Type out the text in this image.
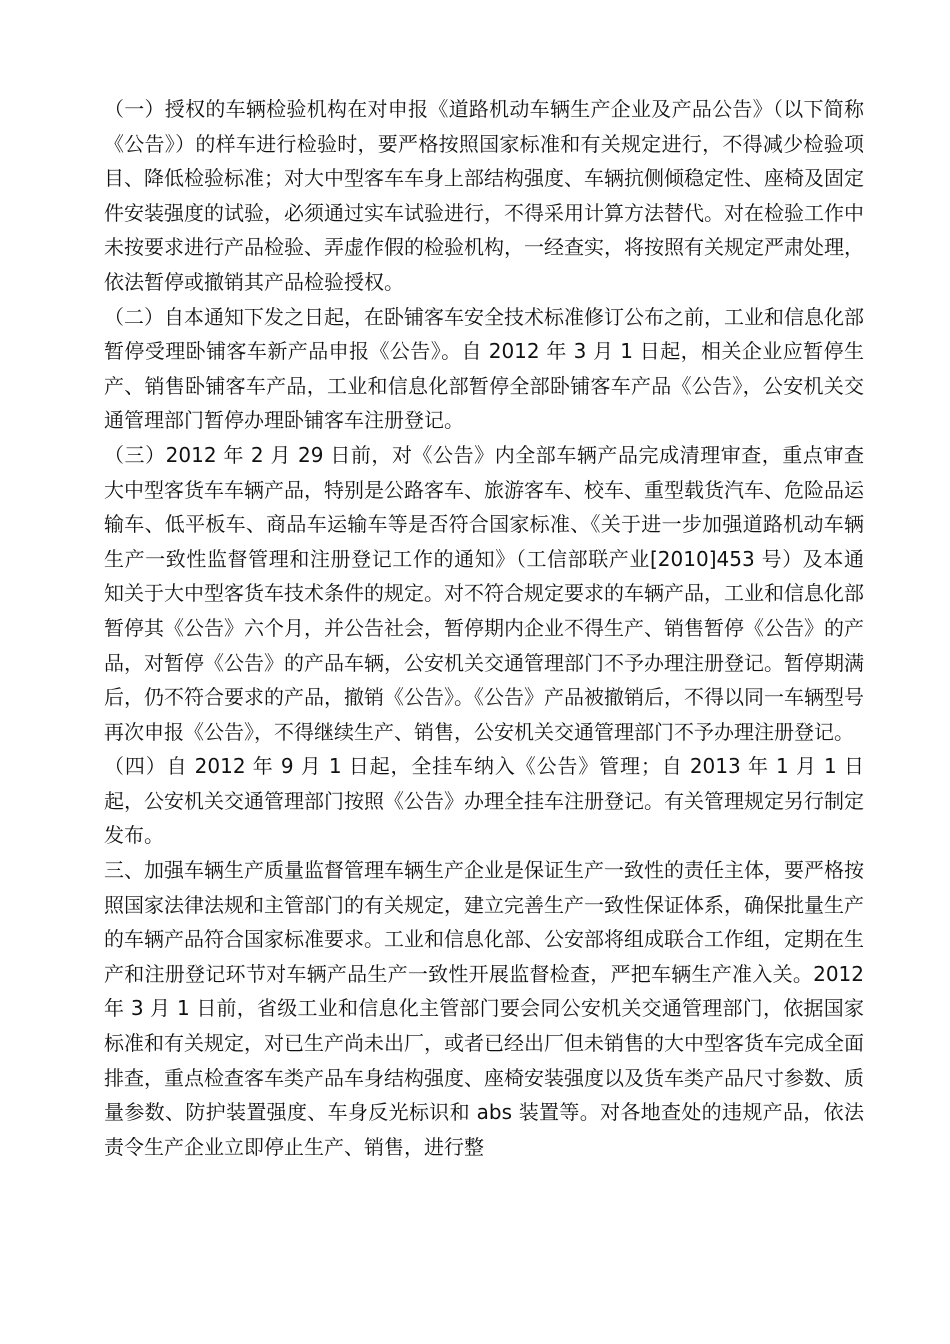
（一）授权的车辆检验机构在对申报《道路机动车辆生产企业及产品公告》（以下简称《公告》）的样车进行检验时，要严格按照国家标准和有关规定进行，不得减少检验项目、降低检验标准；对大中型客车车身上部结构强度、车辆抗侧倾稳定性、座椅及固定件安装强度的试验，必须通过实车试验进行，不得采用计算方法替代。对在检验工作中未按要求进行产品检验、弄虚作假的检验机构，一经查实，将按照有关规定严肃处理，依法暂停或撤销其产品检验授权。

（二）自本通知下发之日起，在卧铺客车安全技术标准修订公布之前，工业和信息化部暂停受理卧铺客车新产品申报《公告》。自 2012 年 3 月 1 日起，相关企业应暂停生产、销售卧铺客车产品，工业和信息化部暂停全部卧铺客车产品《公告》，公安机关交通管理部门暂停办理卧铺客车注册登记。

（三）2012 年 2 月 29 日前，对《公告》内全部车辆产品完成清理审查，重点审查大中型客货车车辆产品，特别是公路客车、旅游客车、校车、重型载货汽车、危险品运输车、低平板车、商品车运输车等是否符合国家标准、《关于进一步加强道路机动车辆生产一致性监督管理和注册登记工作的通知》（工信部联产业[2010]453 号）及本通知关于大中型客货车技术条件的规定。对不符合规定要求的车辆产品，工业和信息化部暂停其《公告》六个月，并公告社会，暂停期内企业不得生产、销售暂停《公告》的产品，对暂停《公告》的产品车辆，公安机关交通管理部门不予办理注册登记。暂停期满后，仍不符合要求的产品，撤销《公告》。《公告》产品被撤销后，不得以同一车辆型号再次申报《公告》，不得继续生产、销售，公安机关交通管理部门不予办理注册登记。

（四）自 2012 年 9 月 1 日起，全挂车纳入《公告》管理；自 2013 年 1 月 1 日起，公安机关交通管理部门按照《公告》办理全挂车注册登记。有关管理规定另行制定发布。

三、加强车辆生产质量监督管理车辆生产企业是保证生产一致性的责任主体，要严格按照国家法律法规和主管部门的有关规定，建立完善生产一致性保证体系，确保批量生产的车辆产品符合国家标准要求。工业和信息化部、公安部将组成联合工作组，定期在生产和注册登记环节对车辆产品生产一致性开展监督检查，严把车辆生产准入关。2012 年 3 月 1 日前，省级工业和信息化主管部门要会同公安机关交通管理部门，依据国家标准和有关规定，对已生产尚未出厂，或者已经出厂但未销售的大中型客货车完成全面排查，重点检查客车类产品车身结构强度、座椅安装强度以及货车类产品尺寸参数、质量参数、防护装置强度、车身反光标识和 abs 装置等。对各地查处的违规产品，依法责令生产企业立即停止生产、销售，进行整
